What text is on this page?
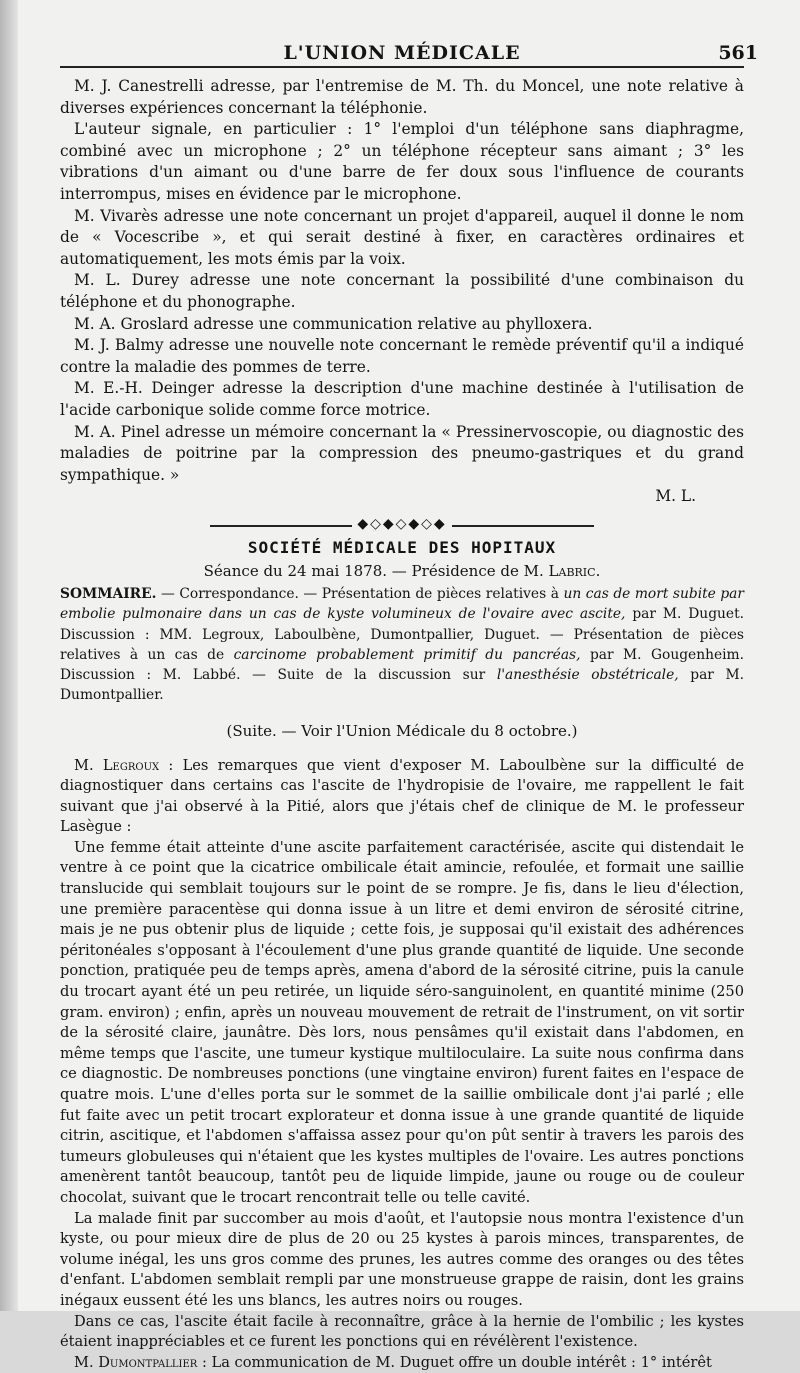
L'UNION MÉDICALE	561

M. J. Canestrelli adresse, par l'entremise de M. Th. du Moncel, une note relative à diverses expériences concernant la téléphonie.

L'auteur signale, en particulier : 1° l'emploi d'un téléphone sans diaphragme, combiné avec un microphone ; 2° un téléphone récepteur sans aimant ; 3° les vibrations d'un aimant ou d'une barre de fer doux sous l'influence de courants interrompus, mises en évidence par le microphone.

M. Vivarès adresse une note concernant un projet d'appareil, auquel il donne le nom de « Vocescribe », et qui serait destiné à fixer, en caractères ordinaires et automatiquement, les mots émis par la voix.

M. L. Durey adresse une note concernant la possibilité d'une combinaison du téléphone et du phonographe.

M. A. Groslard adresse une communication relative au phylloxera.

M. J. Balmy adresse une nouvelle note concernant le remède préventif qu'il a indiqué contre la maladie des pommes de terre.

M. E.-H. Deinger adresse la description d'une machine destinée à l'utilisation de l'acide carbonique solide comme force motrice.

M. A. Pinel adresse un mémoire concernant la « Pressinervoscopie, ou diagnostic des maladies de poitrine par la compression des pneumo-gastriques et du grand sympathique. »

M. L.
◆◇◆◇◆◇◆
SOCIÉTÉ MÉDICALE DES HOPITAUX
Séance du 24 mai 1878. — Présidence de M. Labric.

SOMMAIRE. — Correspondance. — Présentation de pièces relatives à un cas de mort subite par embolie pulmonaire dans un cas de kyste volumineux de l'ovaire avec ascite, par M. Duguet. Discussion : MM. Legroux, Laboulbène, Dumontpallier, Duguet. — Présentation de pièces relatives à un cas de carcinome probablement primitif du pancréas, par M. Gougenheim. Discussion : M. Labbé. — Suite de la discussion sur l'anesthésie obstétricale, par M. Dumontpallier.

(Suite. — Voir l'Union Médicale du 8 octobre.)

M. Legroux : Les remarques que vient d'exposer M. Laboulbène sur la difficulté de diagnostiquer dans certains cas l'ascite de l'hydropisie de l'ovaire, me rappellent le fait suivant que j'ai observé à la Pitié, alors que j'étais chef de clinique de M. le professeur Lasègue :

Une femme était atteinte d'une ascite parfaitement caractérisée, ascite qui distendait le ventre à ce point que la cicatrice ombilicale était amincie, refoulée, et formait une saillie translucide qui semblait toujours sur le point de se rompre. Je fis, dans le lieu d'élection, une première paracentèse qui donna issue à un litre et demi environ de sérosité citrine, mais je ne pus obtenir plus de liquide ; cette fois, je supposai qu'il existait des adhérences péritonéales s'opposant à l'écoulement d'une plus grande quantité de liquide. Une seconde ponction, pratiquée peu de temps après, amena d'abord de la sérosité citrine, puis la canule du trocart ayant été un peu retirée, un liquide séro-sanguinolent, en quantité minime (250 gram. environ) ; enfin, après un nouveau mouvement de retrait de l'instrument, on vit sortir de la sérosité claire, jaunâtre. Dès lors, nous pensâmes qu'il existait dans l'abdomen, en même temps que l'ascite, une tumeur kystique multiloculaire. La suite nous confirma dans ce diagnostic. De nombreuses ponctions (une vingtaine environ) furent faites en l'espace de quatre mois. L'une d'elles porta sur le sommet de la saillie ombilicale dont j'ai parlé ; elle fut faite avec un petit trocart explorateur et donna issue à une grande quantité de liquide citrin, ascitique, et l'abdomen s'affaissa assez pour qu'on pût sentir à travers les parois des tumeurs globuleuses qui n'étaient que les kystes multiples de l'ovaire. Les autres ponctions amenèrent tantôt beaucoup, tantôt peu de liquide limpide, jaune ou rouge ou de couleur chocolat, suivant que le trocart rencontrait telle ou telle cavité.

La malade finit par succomber au mois d'août, et l'autopsie nous montra l'existence d'un kyste, ou pour mieux dire de plus de 20 ou 25 kystes à parois minces, transparentes, de volume inégal, les uns gros comme des prunes, les autres comme des oranges ou des têtes d'enfant. L'abdomen semblait rempli par une monstrueuse grappe de raisin, dont les grains inégaux eussent été les uns blancs, les autres noirs ou rouges.

Dans ce cas, l'ascite était facile à reconnaître, grâce à la hernie de l'ombilic ; les kystes étaient inappréciables et ce furent les ponctions qui en révélèrent l'existence.

M. Dumontpallier : La communication de M. Duguet offre un double intérêt : 1° intérêt
